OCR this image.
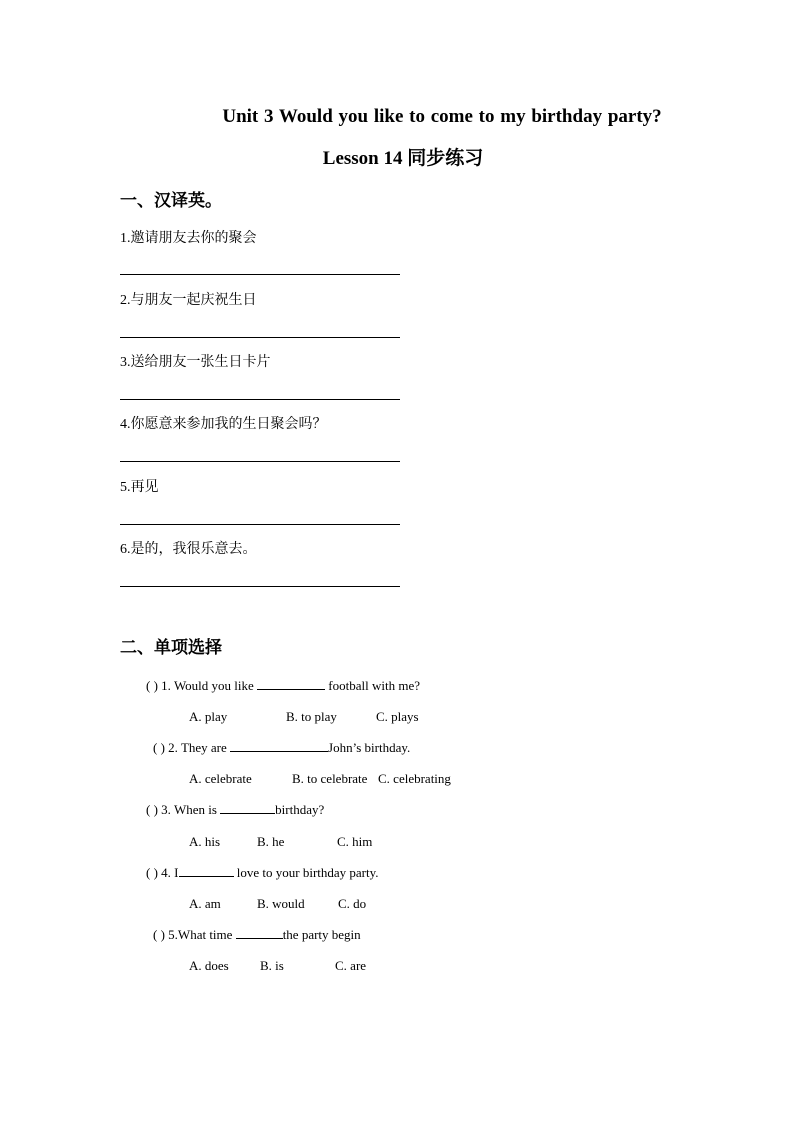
Unit 3 Would you like to come to my birthday party?
Lesson 14 同步练习
一、汉译英。
1.邀请朋友去你的聚会
2.与朋友一起庆祝生日
3.送给朋友一张生日卡片
4.你愿意来参加我的生日聚会吗？
5.再见
6.是的，我很乐意去。
二、单项选择
( ) 1. Would you like	football with me?
A. play	B. to play	C. plays
( ) 2. They are	John’s birthday.
A. celebrate	B. to celebrate C. celebrating
( ) 3. When is	birthday?
A. his	B. he	C. him
( ) 4. I	love to your birthday party.
A. am	B. would	C. do
( ) 5.What time	the party begin
A. does B. is	C. are
